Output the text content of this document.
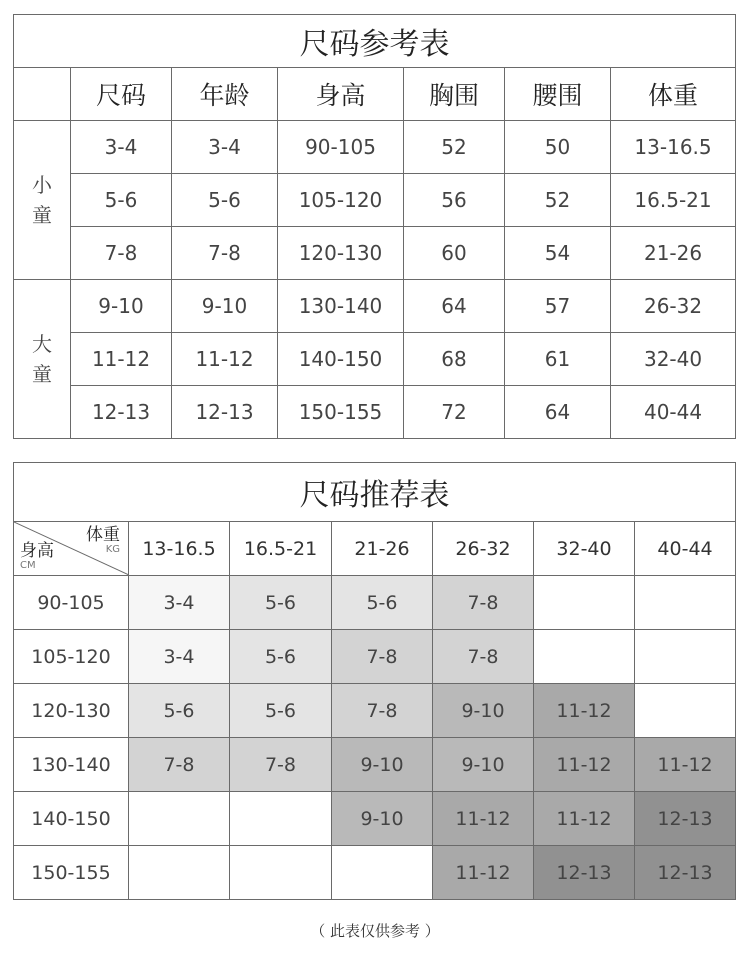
尺码参考表						
	尺码	年龄	身高	胸围	腰围	体重

小
童	3-4	3-4	90-105	52	50	13-16.5
	5-6	5-6	105-120	56	52	16.5-21
	7-8	7-8	120-130	60	54	21-26

大
童	9-10	9-10	130-140	64	57	26-32
	11-12	11-12	140-150	68	61	32-40
	12-13	12-13	150-155	72	64	40-44
尺码推荐表						

体重
KG
身高
CM	13-16.5	16.5-21	21-26	26-32	32-40	40-44
90-105	3-4	5-6	5-6	7-8		
105-120	3-4	5-6	7-8	7-8		
120-130	5-6	5-6	7-8	9-10	11-12	
130-140	7-8	7-8	9-10	9-10	11-12	11-12
140-150			9-10	11-12	11-12	12-13
150-155				11-12	12-13	12-13
（ 此表仅供参考 ）
